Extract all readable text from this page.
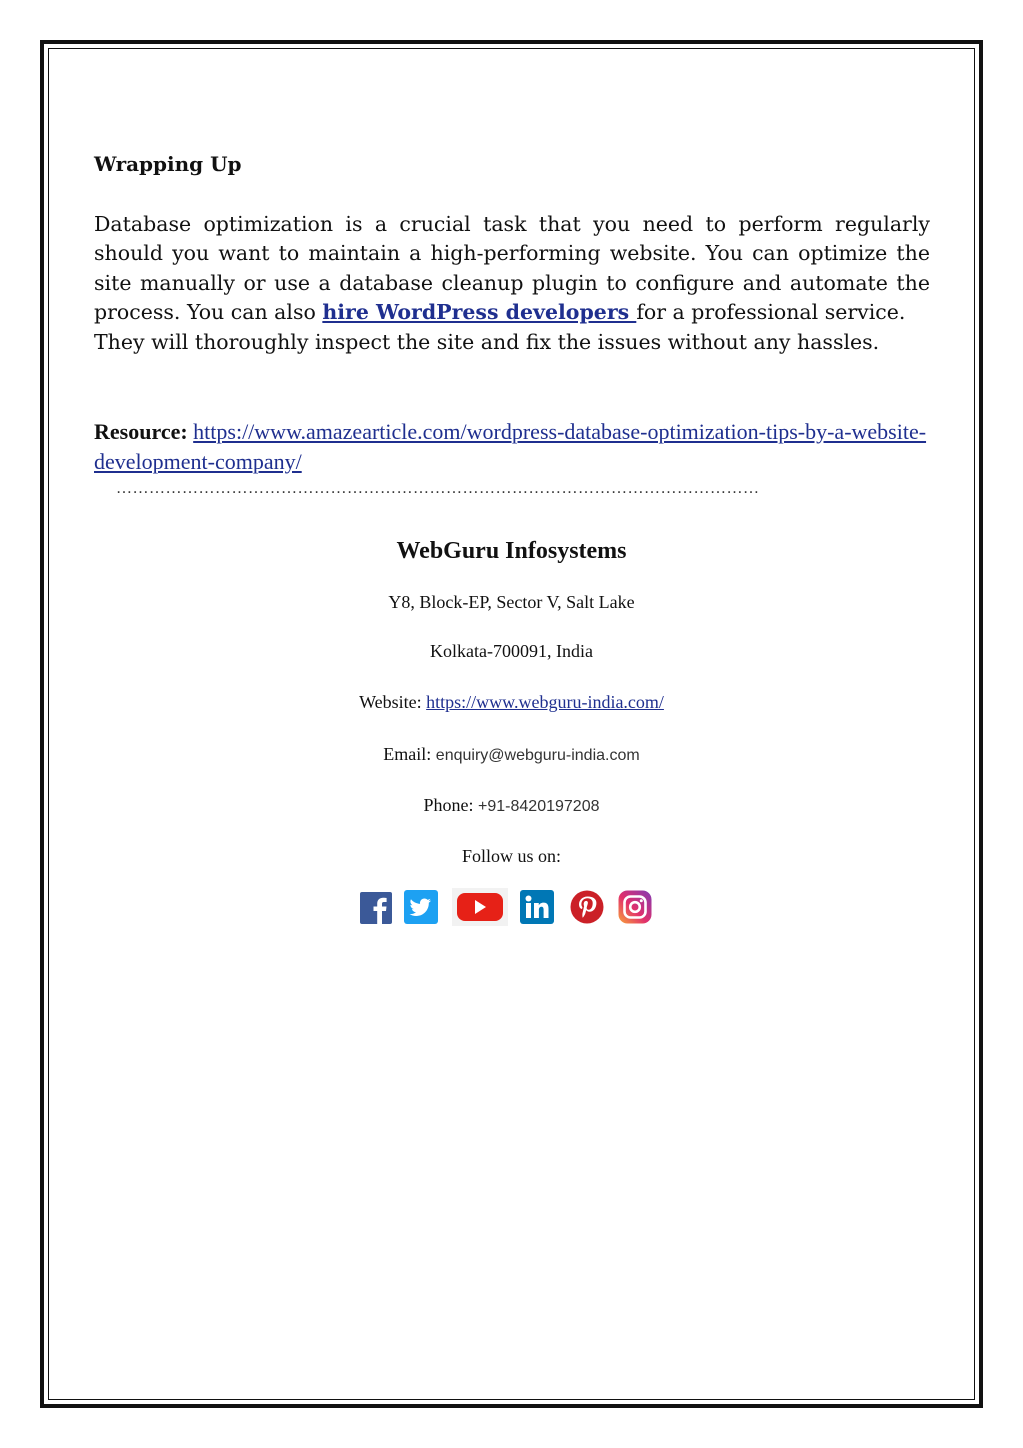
Wrapping Up
Database optimization is a crucial task that you need to perform regularly should you want to maintain a high-performing website. You can optimize the site manually or use a database cleanup plugin to configure and automate the process. You can also hire WordPress developers for a professional service.
They will thoroughly inspect the site and fix the issues without any hassles.
Resource: https://www.amazearticle.com/wordpress-database-optimization-tips-by-a-website-development-company/
………………………………………………………………………………………………………
WebGuru Infosystems
Y8, Block-EP, Sector V, Salt Lake
Kolkata-700091, India
Website: https://www.webguru-india.com/
Email: enquiry@webguru-india.com
Phone: +91-8420197208
Follow us on:
